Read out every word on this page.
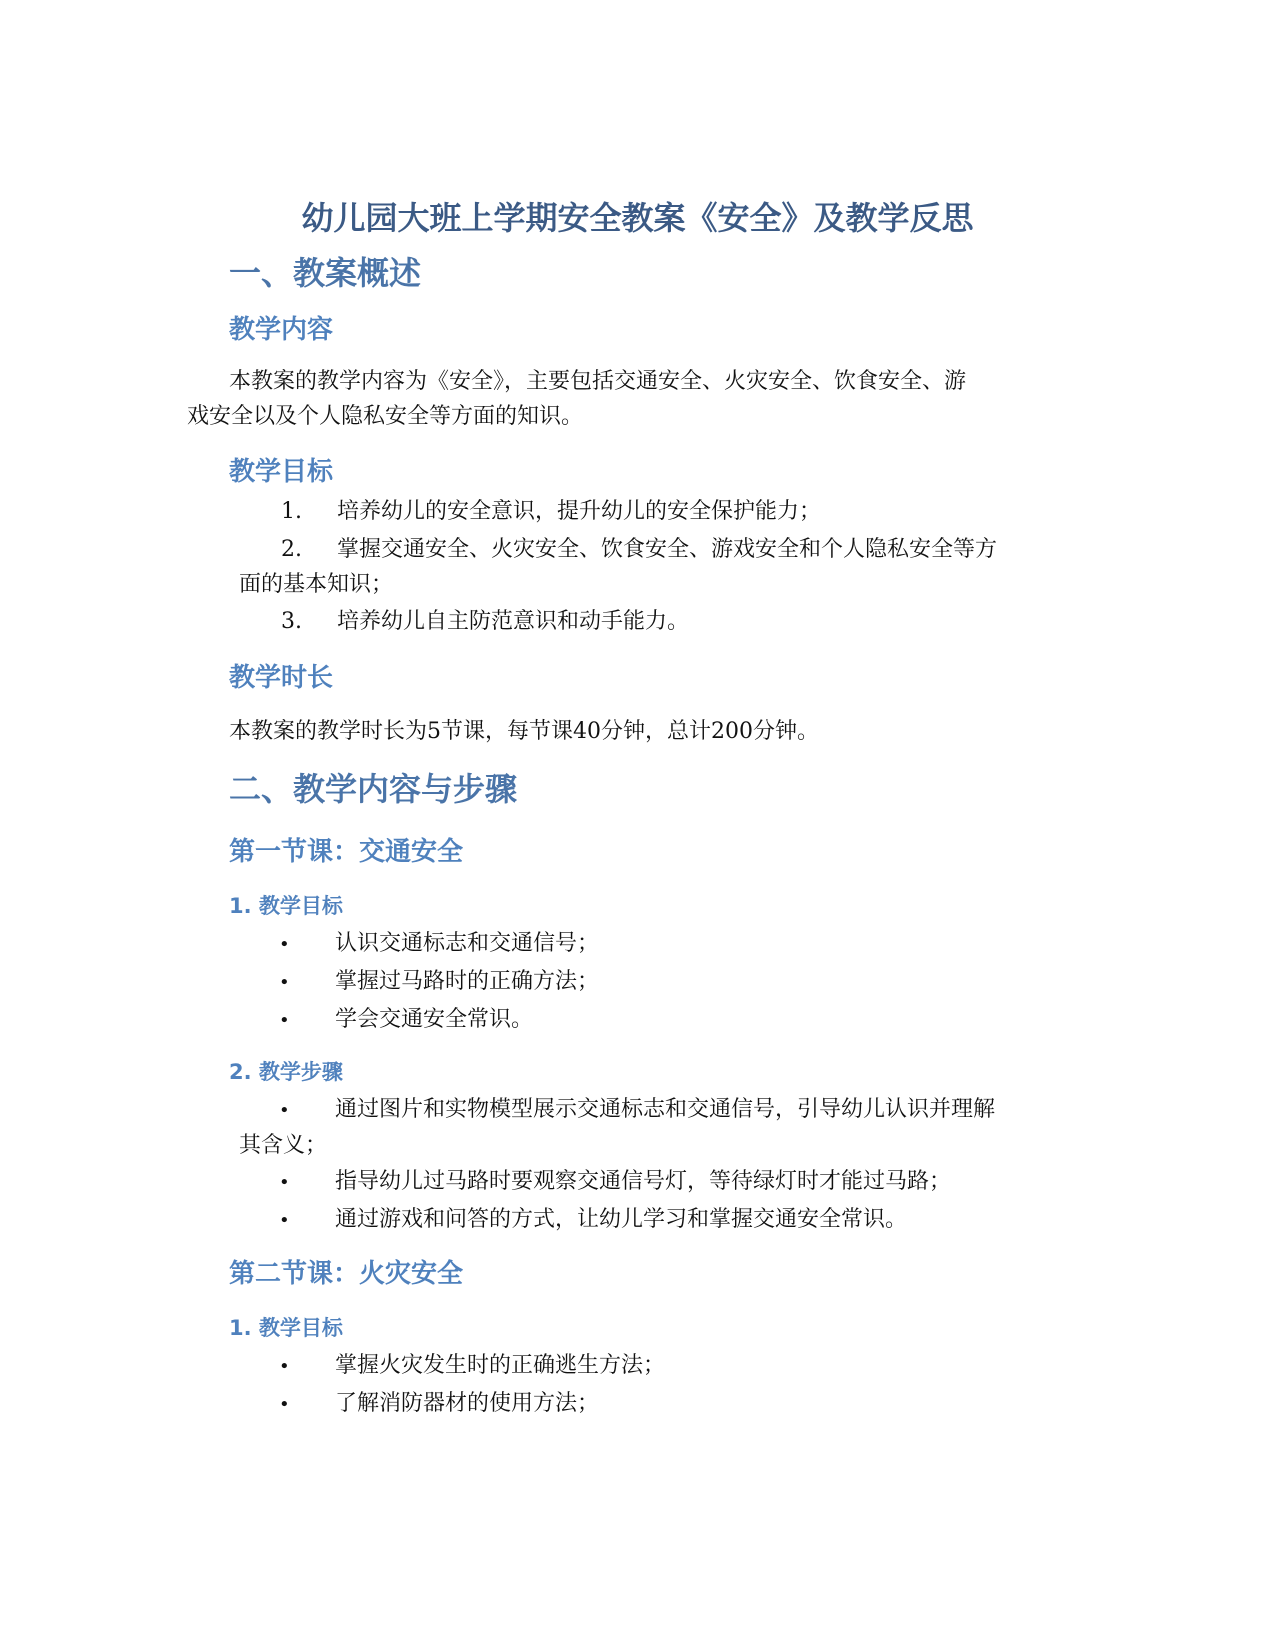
幼儿园大班上学期安全教案《安全》及教学反思
一、教案概述
教学内容
本教案的教学内容为《安全》，主要包括交通安全、火灾安全、饮食安全、游
戏安全以及个人隐私安全等方面的知识。
教学目标
1. 培养幼儿的安全意识，提升幼儿的安全保护能力；
2. 掌握交通安全、火灾安全、饮食安全、游戏安全和个人隐私安全等方
面的基本知识；
3. 培养幼儿自主防范意识和动手能力。
教学时长
本教案的教学时长为5节课，每节课40分钟，总计200分钟。
二、教学内容与步骤
第一节课：交通安全
1. 教学目标
• 认识交通标志和交通信号；
• 掌握过马路时的正确方法；
• 学会交通安全常识。
2. 教学步骤
• 通过图片和实物模型展示交通标志和交通信号，引导幼儿认识并理解
其含义；
• 指导幼儿过马路时要观察交通信号灯，等待绿灯时才能过马路；
• 通过游戏和问答的方式，让幼儿学习和掌握交通安全常识。
第二节课：火灾安全
1. 教学目标
• 掌握火灾发生时的正确逃生方法；
• 了解消防器材的使用方法；
